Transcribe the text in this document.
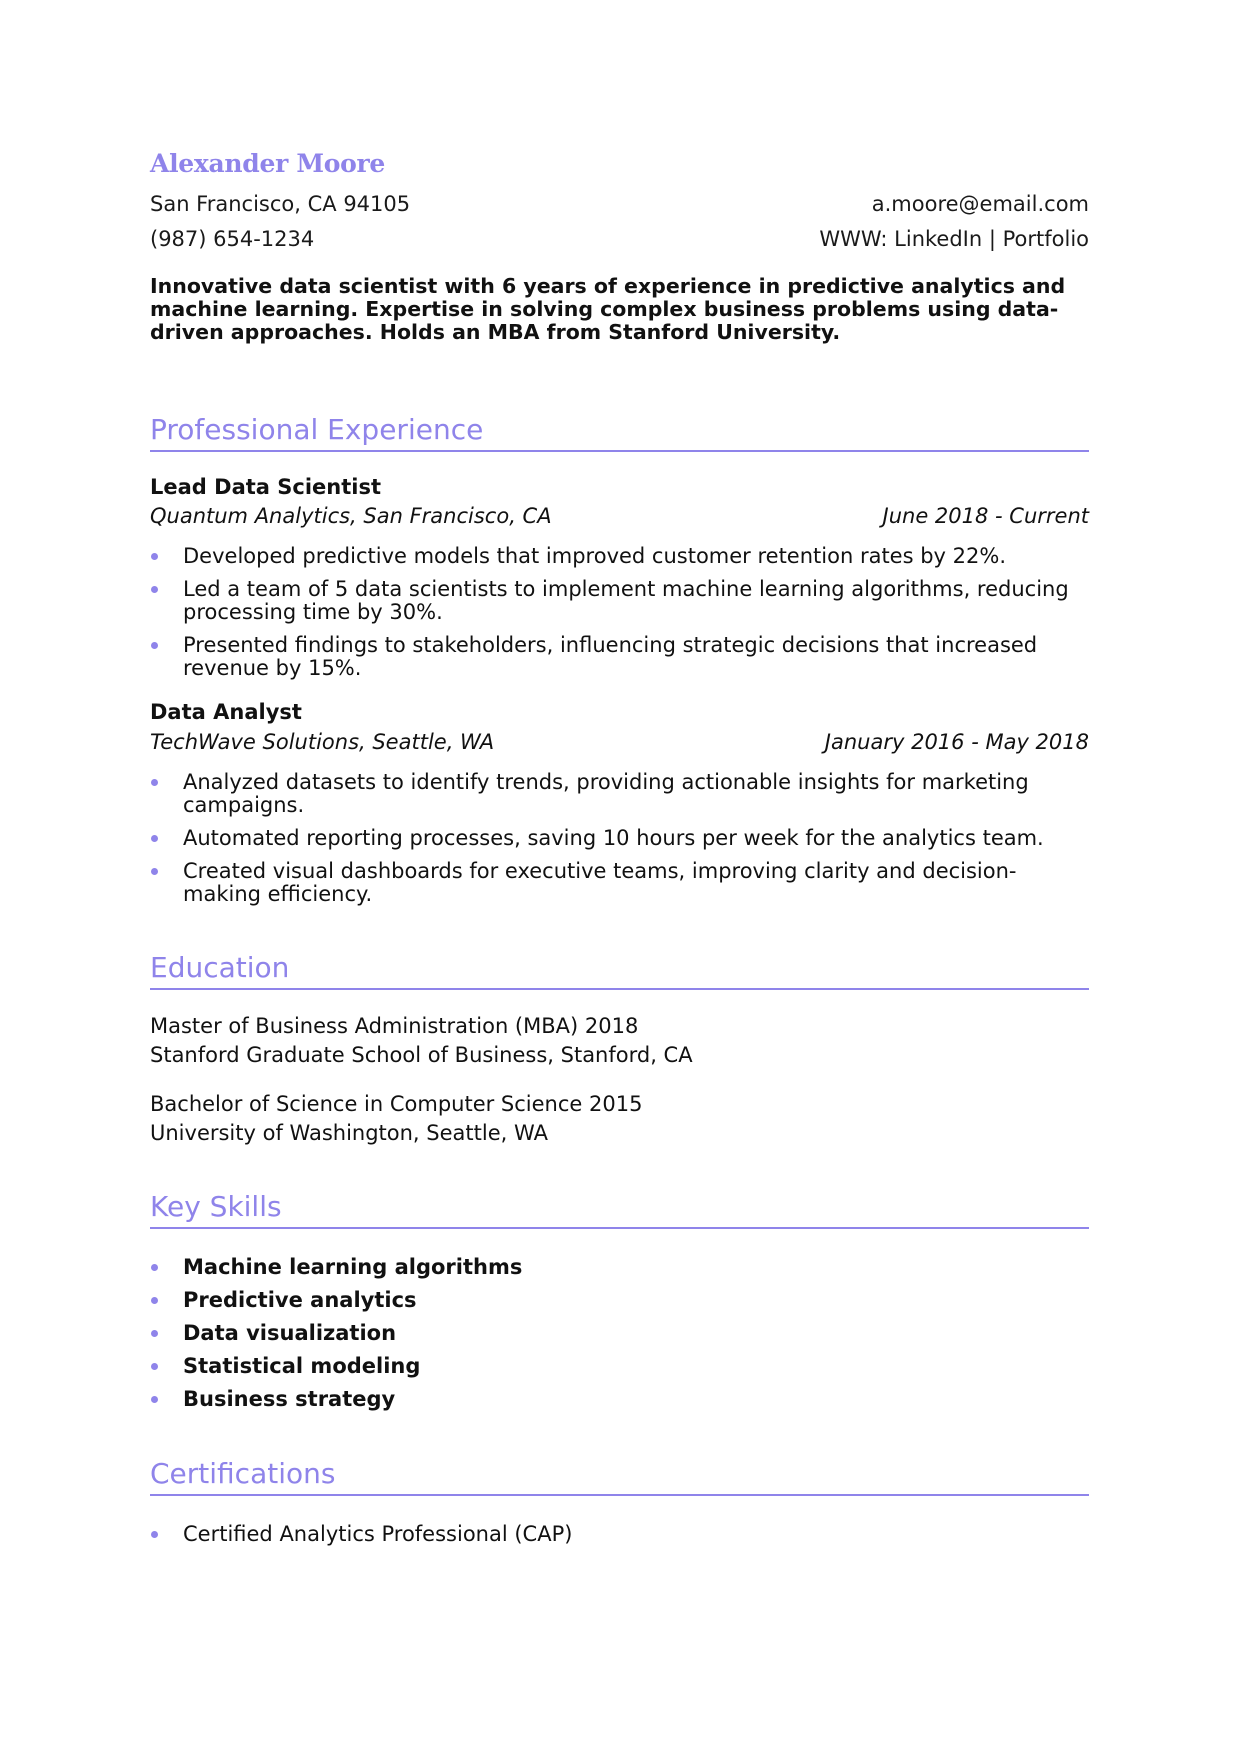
Alexander Moore
San Francisco, CA 94105	a.moore@email.com
(987) 654-1234	WWW: LinkedIn | Portfolio
Innovative data scientist with 6 years of experience in predictive analytics and machine learning. Expertise in solving complex business problems using data-driven approaches. Holds an MBA from Stanford University.
Professional Experience
Lead Data Scientist
Quantum Analytics, San Francisco, CA	June 2018 - Current
Developed predictive models that improved customer retention rates by 22%.
Led a team of 5 data scientists to implement machine learning algorithms, reducing processing time by 30%.
Presented findings to stakeholders, influencing strategic decisions that increased revenue by 15%.
Data Analyst
TechWave Solutions, Seattle, WA	January 2016 - May 2018
Analyzed datasets to identify trends, providing actionable insights for marketing campaigns.
Automated reporting processes, saving 10 hours per week for the analytics team.
Created visual dashboards for executive teams, improving clarity and decision-making efficiency.
Education
Master of Business Administration (MBA) 2018
Stanford Graduate School of Business, Stanford, CA
Bachelor of Science in Computer Science 2015
University of Washington, Seattle, WA
Key Skills
Machine learning algorithms
Predictive analytics
Data visualization
Statistical modeling
Business strategy
Certifications
Certified Analytics Professional (CAP)
